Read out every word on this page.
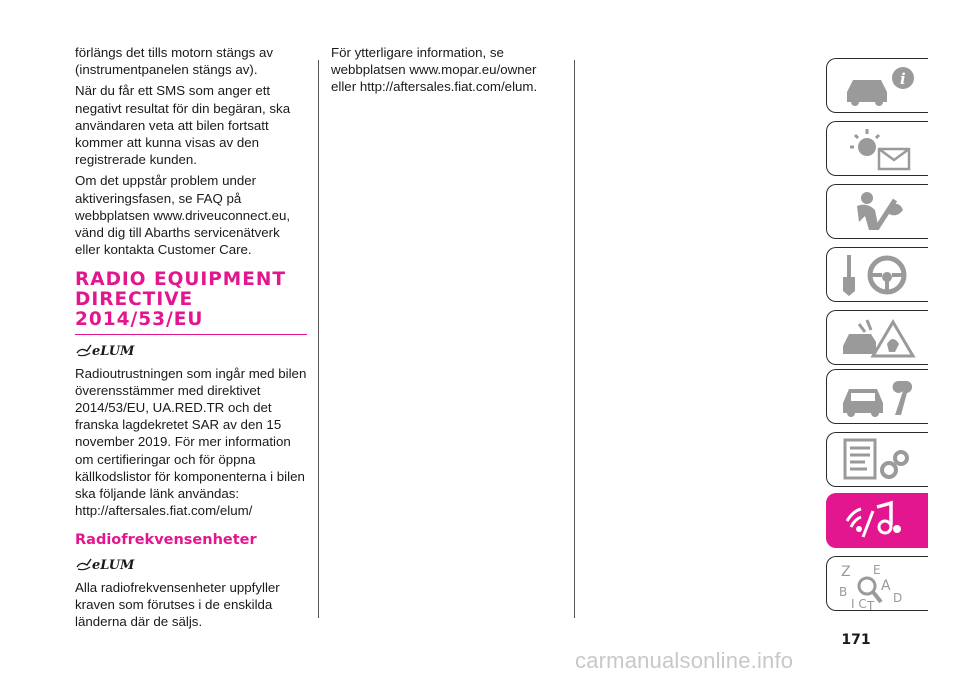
förlängs det tills motorn stängs av (instrumentpanelen stängs av).

När du får ett SMS som anger ett negativt resultat för din begäran, ska användaren veta att bilen fortsatt kommer att kunna visas av den registrerade kunden.

Om det uppstår problem under aktiveringsfasen, se FAQ på webbplatsen www.driveuconnect.eu, vänd dig till Abarths servicenätverk eller kontakta Customer Care.

RADIO EQUIPMENT
DIRECTIVE
2014/53/EU
eLUM

Radioutrustningen som ingår med bilen överensstämmer med direktivet 2014/53/EU, UA.RED.TR och det franska lagdekretet SAR av den 15 november 2019. För mer information om certifieringar och för öppna källkodslistor för komponenterna i bilen ska följande länk användas: http://aftersales.fiat.com/elum/

Radiofrekvensenheter
eLUM

Alla radiofrekvensenheter uppfyller kraven som förutses i de enskilda länderna där de säljs.

För ytterligare information, se webbplatsen www.mopar.eu/owner eller http://aftersales.fiat.com/elum.	i
Z E
B A
I C T
D
171
carmanualsonline.info
